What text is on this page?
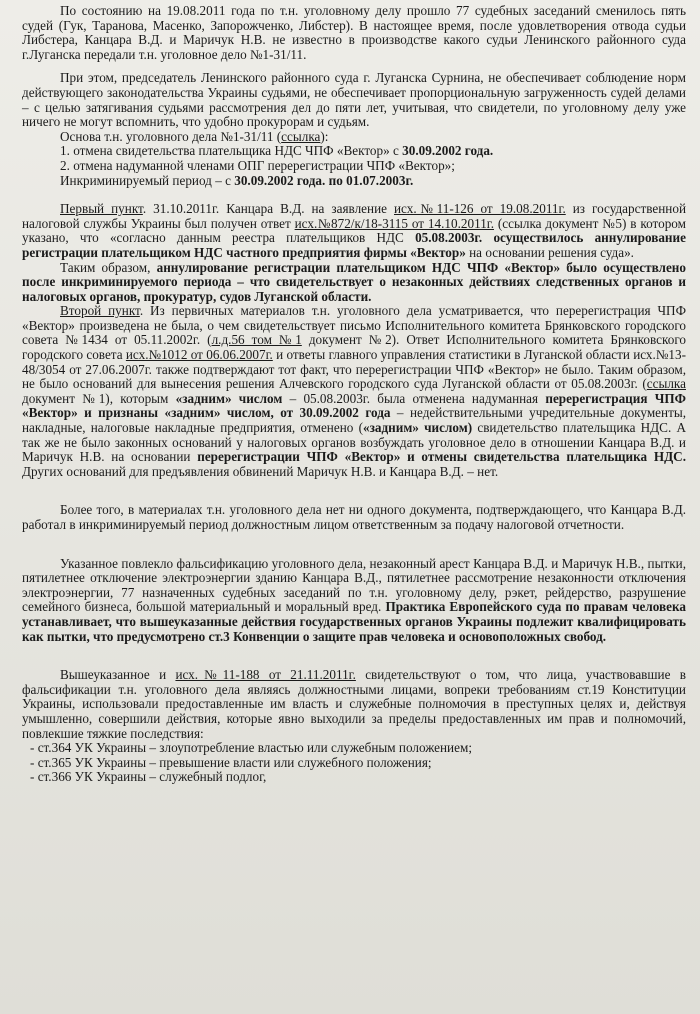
По состоянию на 19.08.2011 года по т.н. уголовному делу прошло 77 судебных заседаний сменилось пять судей (Гук, Таранова, Масенко, Запорожченко, Либстер). В настоящее время, после удовлетворения отвода судьи Либстера, Канцара В.Д. и Маричук Н.В. не известно в производстве какого судьи Ленинского районного суда г.Луганска передали т.н. уголовное дело №1-31/11.

При этом, председатель Ленинского районного суда г. Луганска Сурнина, не обеспечивает соблюдение норм действующего законодательства Украины судьями, не обеспечивает пропорциональную загруженность судей делами – с целью затягивания судьями рассмотрения дел до пяти лет, учитывая, что свидетели, по уголовному делу уже ничего не могут вспомнить, что удобно прокурорам и судьям.

Основа т.н. уголовного дела №1-31/11 (ссылка):
1. отмена свидетельства плательщика НДС ЧПФ «Вектор» с 30.09.2002 года.
2. отмена надуманной членами ОПГ перерегистрации ЧПФ «Вектор»;
Инкриминируемый период – с 30.09.2002 года. по 01.07.2003г.

Первый пункт. 31.10.2011г. Канцара В.Д. на заявление исх.№11-126 от 19.08.2011г. из государственной налоговой службы Украины был получен ответ исх.№872/к/18-3115 от 14.10.2011г. (ссылка документ №5) в котором указано, что «согласно данным реестра плательщиков НДС 05.08.2003г. осуществилось аннулирование регистрации плательщиком НДС частного предприятия фирмы «Вектор» на основании решения суда».

Таким образом, аннулирование регистрации плательщиком НДС ЧПФ «Вектор» было осуществлено после инкриминируемого периода – что свидетельствует о незаконных действиях следственных органов и налоговых органов, прокуратур, судов Луганской области.

Второй пункт. Из первичных материалов т.н. уголовного дела усматривается, что перерегистрация ЧПФ «Вектор» произведена не была, о чем свидетельствует письмо Исполнительного комитета Брянковского городского совета №1434 от 05.11.2002г. (л.д.56 том №1 документ №2). Ответ Исполнительного комитета Брянковского городского совета исх.№1012 от 06.06.2007г. и ответы главного управления статистики в Луганской области исх.№13-48/3054 от 27.06.2007г. также подтверждают тот факт, что перерегистрации ЧПФ «Вектор» не было. Таким образом, не было оснований для вынесения решения Алчевского городского суда Луганской области от 05.08.2003г. (ссылка документ №1), которым «задним» числом – 05.08.2003г. была отменена надуманная перерегистрация ЧПФ «Вектор» и признаны «задним» числом, от 30.09.2002 года – недействительными учредительные документы, накладные, налоговые накладные предприятия, отменено («задним» числом) свидетельство плательщика НДС. А так же не было законных оснований у налоговых органов возбуждать уголовное дело в отношении Канцара В.Д. и Маричук Н.В. на основании перерегистрации ЧПФ «Вектор» и отмены свидетельства плательщика НДС. Других оснований для предъявления обвинений Маричук Н.В. и Канцара В.Д. – нет.

Более того, в материалах т.н. уголовного дела нет ни одного документа, подтверждающего, что Канцара В.Д. работал в инкриминируемый период должностным лицом ответственным за подачу налоговой отчетности.

Указанное повлекло фальсификацию уголовного дела, незаконный арест Канцара В.Д. и Маричук Н.В., пытки, пятилетнее отключение электроэнергии зданию Канцара В.Д., пятилетнее рассмотрение незаконности отключения электроэнергии, 77 назначенных судебных заседаний по т.н. уголовному делу, рэкет, рейдерство, разрушение семейного бизнеса, большой материальный и моральный вред. Практика Европейского суда по правам человека устанавливает, что вышеуказанные действия государственных органов Украины подлежит квалифицировать как пытки, что предусмотрено ст.3 Конвенции о защите прав человека и основоположных свобод.

Вышеуказанное и исх.№11-188 от 21.11.2011г. свидетельствуют о том, что лица, участвовавшие в фальсификации т.н. уголовного дела являясь должностными лицами, вопреки требованиям ст.19 Конституции Украины, использовали предоставленные им власть и служебные полномочия в преступных целях и, действуя умышленно, совершили действия, которые явно выходили за пределы предоставленных им прав и полномочий, повлекшие тяжкие последствия:

- ст.364 УК Украины – злоупотребление властью или служебным положением;
- ст.365 УК Украины – превышение власти или служебного положения;
- ст.366 УК Украины – служебный подлог,
